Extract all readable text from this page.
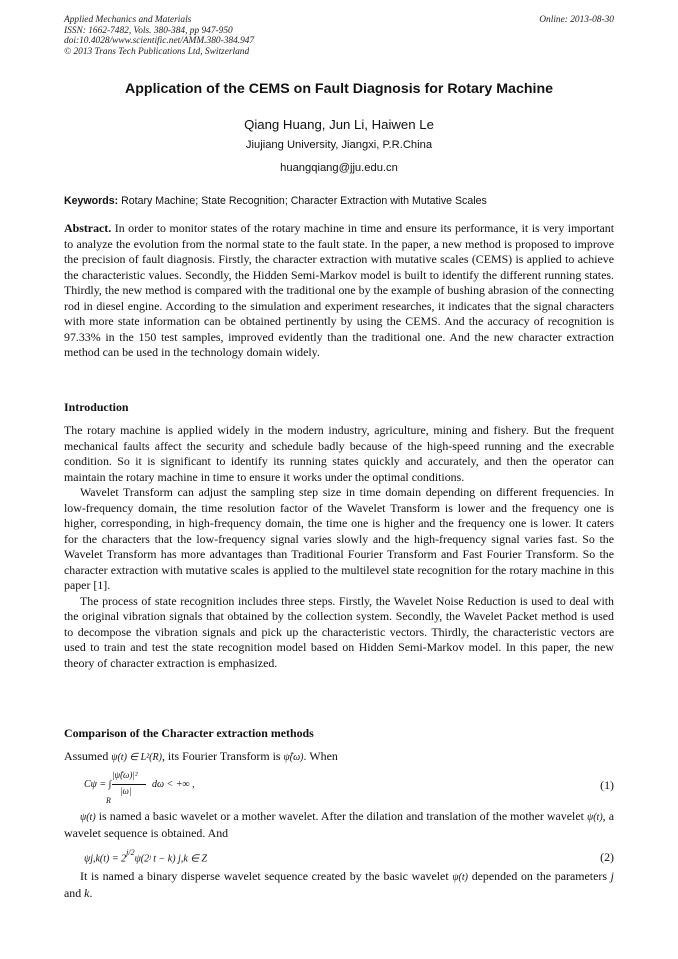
Applied Mechanics and Materials
ISSN: 1662-7482, Vols. 380-384, pp 947-950
doi:10.4028/www.scientific.net/AMM.380-384.947
© 2013 Trans Tech Publications Ltd, Switzerland
Online: 2013-08-30
Application of the CEMS on Fault Diagnosis for Rotary Machine
Qiang Huang, Jun Li, Haiwen Le
Jiujiang University, Jiangxi, P.R.China
huangqiang@jju.edu.cn
Keywords: Rotary Machine; State Recognition; Character Extraction with Mutative Scales

Abstract. In order to monitor states of the rotary machine in time and ensure its performance, it is very important to analyze the evolution from the normal state to the fault state. In the paper, a new method is proposed to improve the precision of fault diagnosis. Firstly, the character extraction with mutative scales (CEMS) is applied to achieve the characteristic values. Secondly, the Hidden Semi-Markov model is built to identify the different running states. Thirdly, the new method is compared with the traditional one by the example of bushing abrasion of the connecting rod in diesel engine. According to the simulation and experiment researches, it indicates that the signal characters with more state information can be obtained pertinently by using the CEMS. And the accuracy of recognition is 97.33% in the 150 test samples, improved evidently than the traditional one. And the new character extraction method can be used in the technology domain widely.

Introduction

The rotary machine is applied widely in the modern industry, agriculture, mining and fishery. But the frequent mechanical faults affect the security and schedule badly because of the high-speed running and the execrable condition. So it is significant to identify its running states quickly and accurately, and then the operator can maintain the rotary machine in time to ensure it works under the optimal conditions.

Wavelet Transform can adjust the sampling step size in time domain depending on different frequencies. In low-frequency domain, the time resolution factor of the Wavelet Transform is lower and the frequency one is higher, corresponding, in high-frequency domain, the time one is higher and the frequency one is lower. It caters for the characters that the low-frequency signal varies slowly and the high-frequency signal varies fast. So the Wavelet Transform has more advantages than Traditional Fourier Transform and Fast Fourier Transform. So the character extraction with mutative scales is applied to the multilevel state recognition for the rotary machine in this paper [1].

The process of state recognition includes three steps. Firstly, the Wavelet Noise Reduction is used to deal with the original vibration signals that obtained by the collection system. Secondly, the Wavelet Packet method is used to decompose the vibration signals and pick up the characteristic vectors. Thirdly, the characteristic vectors are used to train and test the state recognition model based on Hidden Semi-Markov model. In this paper, the new theory of character extraction is emphasized.

Comparison of the Character extraction methods
Assumed ψ(t) ∈ L²(R), its Fourier Transform is ψ̂(ω). When
Cψ = ∫
|ψ̂(ω)|²
|ω|
dω < +∞ ,
R
(1)

ψ(t) is named a basic wavelet or a mother wavelet. After the dilation and translation of the mother wavelet ψ(t), a wavelet sequence is obtained. And

$\psi j,k(t) = 2^{j/2}\psi(2ʲ$ t − k) j,k ∈ Z	(2)

It is named a binary disperse wavelet sequence created by the basic wavelet ψ(t) depended on the parameters j and k.
